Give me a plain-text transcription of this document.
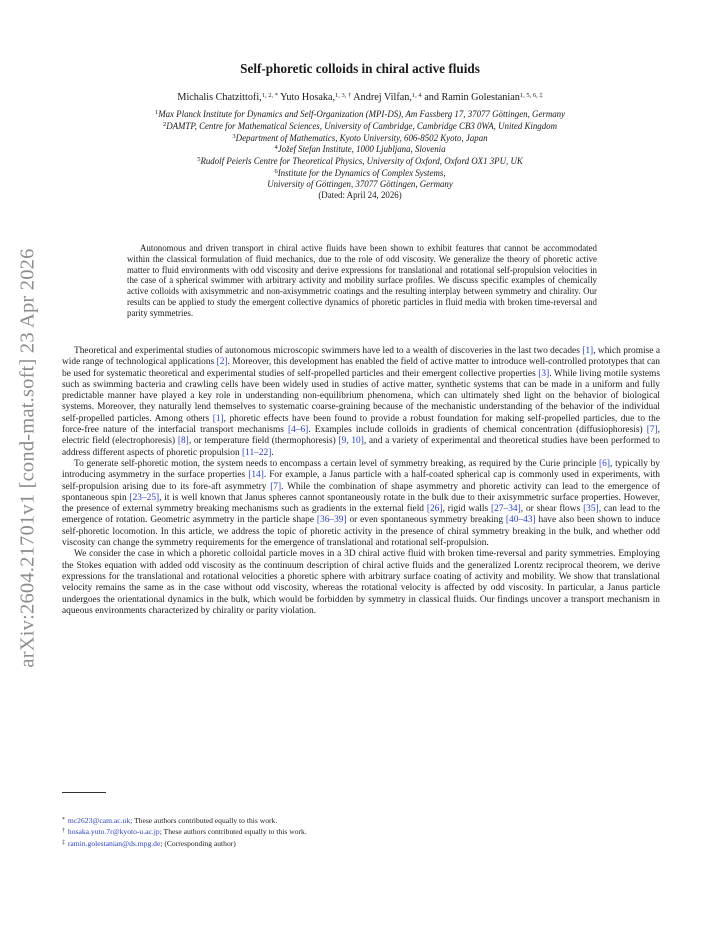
arXiv:2604.21701v1 [cond-mat.soft] 23 Apr 2026
Self-phoretic colloids in chiral active fluids
Michalis Chatzittofi,$^{1, 2, *}$ Yuto Hosaka,$^{1, 3, \dagger}$ Andrej Vilfan,$^{1, 4}$ and Ramin Golestanian$^{1, 5, 6, \ddagger}$
$^1$Max Planck Institute for Dynamics and Self-Organization (MPI-DS), Am Fassberg 17, 37077 Göttingen, Germany
$^2$DAMTP, Centre for Mathematical Sciences, University of Cambridge, Cambridge CB3 0WA, United Kingdom
$^3$Department of Mathematics, Kyoto University, 606-8502 Kyoto, Japan
$^4$Jožef Stefan Institute, 1000 Ljubljana, Slovenia
$^5$Rudolf Peierls Centre for Theoretical Physics, University of Oxford, Oxford OX1 3PU, UK
$^6$Institute for the Dynamics of Complex Systems,
University of Göttingen, 37077 Göttingen, Germany
(Dated: April 24, 2026)
Autonomous and driven transport in chiral active fluids have been shown to exhibit features that cannot be accommodated within the classical formulation of fluid mechanics, due to the role of odd viscosity. We generalize the theory of phoretic active matter to fluid environments with odd viscosity and derive expressions for translational and rotational self-propulsion velocities in the case of a spherical swimmer with arbitrary activity and mobility surface profiles. We discuss specific examples of chemically active colloids with axisymmetric and non-axisymmetric coatings and the resulting interplay between symmetry and chirality. Our results can be applied to study the emergent collective dynamics of phoretic particles in fluid media with broken time-reversal and parity symmetries.

Theoretical and experimental studies of autonomous microscopic swimmers have led to a wealth of discoveries in the last two decades [1], which promise a wide range of technological applications [2]. Moreover, this development has enabled the field of active matter to introduce well-controlled prototypes that can be used for systematic theoretical and experimental studies of self-propelled particles and their emergent collective properties [3]. While living motile systems such as swimming bacteria and crawling cells have been widely used in studies of active matter, synthetic systems that can be made in a uniform and fully predictable manner have played a key role in understanding non-equilibrium phenomena, which can ultimately shed light on the behavior of biological systems. Moreover, they naturally lend themselves to systematic coarse-graining because of the mechanistic understanding of the behavior of the individual self-propelled particles. Among others [1], phoretic effects have been found to provide a robust foundation for making self-propelled particles, due to the force-free nature of the interfacial transport mechanisms [4–6]. Examples include colloids in gradients of chemical concentration (diffusiophoresis) [7], electric field (electrophoresis) [8], or temperature field (thermophoresis) [9, 10], and a variety of experimental and theoretical studies have been performed to address different aspects of phoretic propulsion [11–22].

To generate self-phoretic motion, the system needs to encompass a certain level of symmetry breaking, as required by the Curie principle [6], typically by introducing asymmetry in the surface properties [14]. For example, a Janus particle with a half-coated spherical cap is commonly used in experiments, with self-propulsion arising due to its fore-aft asymmetry [7]. While the combination of shape asymmetry and phoretic activity can lead to the emergence of spontaneous spin [23–25], it is well known that Janus spheres cannot spontaneously rotate in the bulk due to their axisymmetric surface properties. However, the presence of external symmetry breaking mechanisms such as gradients in the external field [26], rigid walls [27–34], or shear flows [35], can lead to the emergence of rotation. Geometric asymmetry in the particle shape [36–39] or even spontaneous symmetry breaking [40–43] have also been shown to induce self-phoretic locomotion. In this article, we address the topic of phoretic activity in the presence of chiral symmetry breaking in the bulk, and whether odd viscosity can change the symmetry requirements for the emergence of translational and rotational self-propulsion.

We consider the case in which a phoretic colloidal particle moves in a 3D chiral active fluid with broken time-reversal and parity symmetries. Employing the Stokes equation with added odd viscosity as the continuum description of chiral active fluids and the generalized Lorentz reciprocal theorem, we derive expressions for the translational and rotational velocities a phoretic sphere with arbitrary surface coating of activity and mobility. We show that translational velocity remains the same as in the case without odd viscosity, whereas the rotational velocity is affected by odd viscosity. In particular, a Janus particle undergoes the orientational dynamics in the bulk, which would be forbidden by symmetry in classical fluids. Our findings uncover a transport mechanism in aqueous environments characterized by chirality or parity violation.

* mc2623@cam.ac.uk; These authors contributed equally to this work.
† hosaka.yuto.7r@kyoto-u.ac.jp; These authors contributed equally to this work.
‡ ramin.golestanian@ds.mpg.de; (Corresponding author)
